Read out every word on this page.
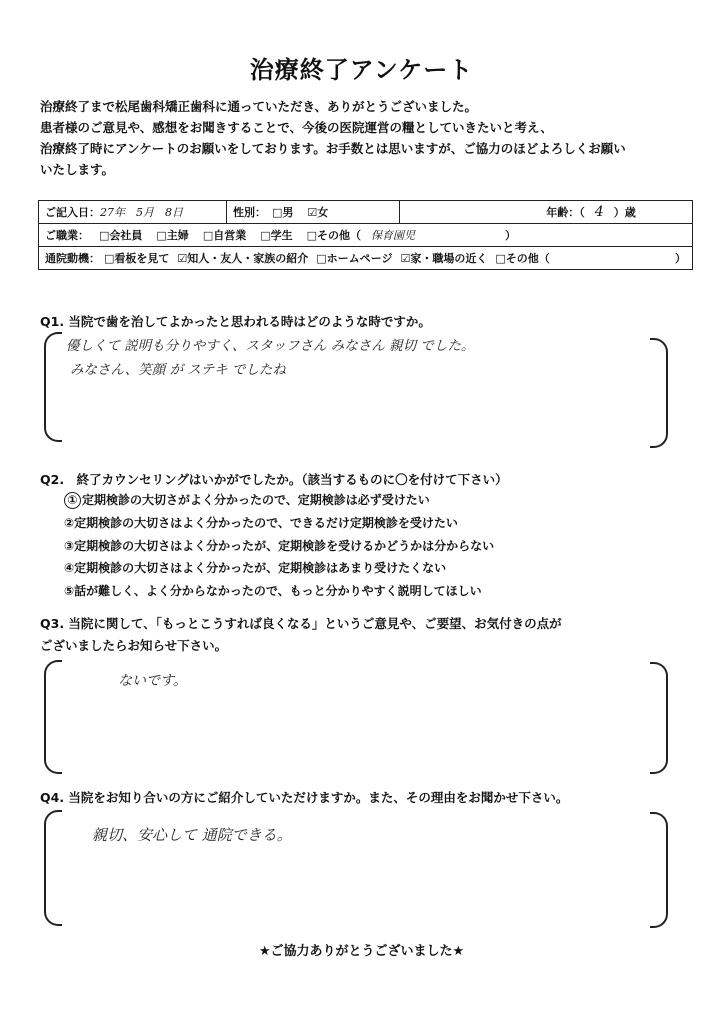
治療終了アンケート
治療終了まで松尾歯科矯正歯科に通っていただき、ありがとうございました。
患者様のご意見や、感想をお聞きすることで、今後の医院運営の糧としていきたいと考え、
治療終了時にアンケートのお願いをしております。お手数とは思いますが、ご協力のほどよろしくお願い
いたします。
ご記入日： 27年　5月　8日	性別： □男 ☑女	年齢：（ 4 ）歳
ご職業： □会社員 □主婦 □自営業 □学生 □その他（ 保育園児	）
通院動機： □看板を見て ☑知人・友人・家族の紹介 □ホームページ ☑家・職場の近く □その他（	）
Q1. 当院で歯を治してよかったと思われる時はどのような時ですか。
優しくて 説明も分りやすく、スタッフさん みなさん 親切 でした。
みなさん、笑顔 が ステキ でしたね
Q2.　終了カウンセリングはいかがでしたか。（該当するものに〇を付けて下さい）
① 定期検診の大切さがよく分かったので、定期検診は必ず受けたい
②定期検診の大切さはよく分かったので、できるだけ定期検診を受けたい
③定期検診の大切さはよく分かったが、定期検診を受けるかどうかは分からない
④定期検診の大切さはよく分かったが、定期検診はあまり受けたくない
⑤話が難しく、よく分からなかったので、もっと分かりやすく説明してほしい
Q3. 当院に関して、「もっとこうすれば良くなる」というご意見や、ご要望、お気付きの点が
ございましたらお知らせ下さい。
ないです。
Q4. 当院をお知り合いの方にご紹介していただけますか。また、その理由をお聞かせ下さい。
親切、安心して 通院できる。
★ご協力ありがとうございました★
